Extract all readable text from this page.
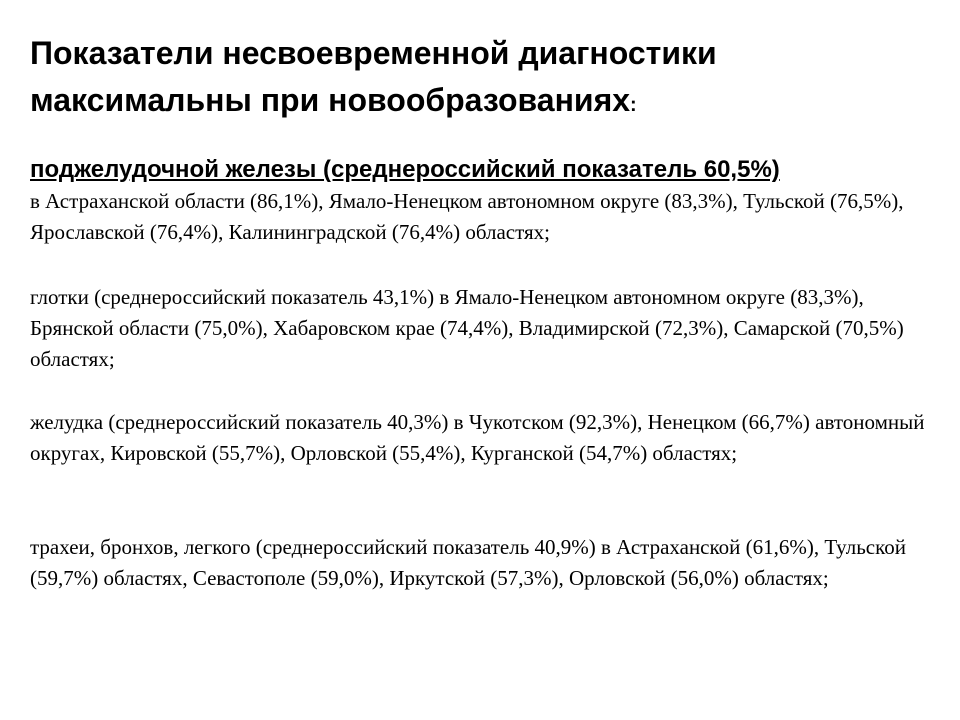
Показатели несвоевременной диагностики
максимальны при новообразованиях:
поджелудочной железы (среднероссийский показатель 60,5%)
в Астраханской области (86,1%), Ямало-Ненецком автономном округе (83,3%), Тульской (76,5%), Ярославской (76,4%), Калининградской (76,4%) областях;
глотки (среднероссийский показатель 43,1%) в Ямало-Ненецком автономном округе (83,3%), Брянской области (75,0%), Хабаровском крае (74,4%), Владимирской (72,3%), Самарской (70,5%) областях;
желудка (среднероссийский показатель 40,3%) в Чукотском (92,3%), Ненецком (66,7%) автономный округах, Кировской (55,7%), Орловской (55,4%), Курганской (54,7%) областях;
трахеи, бронхов, легкого (среднероссийский показатель 40,9%) в Астраханской (61,6%), Тульской (59,7%) областях, Севастополе (59,0%), Иркутской (57,3%), Орловской (56,0%) областях;
